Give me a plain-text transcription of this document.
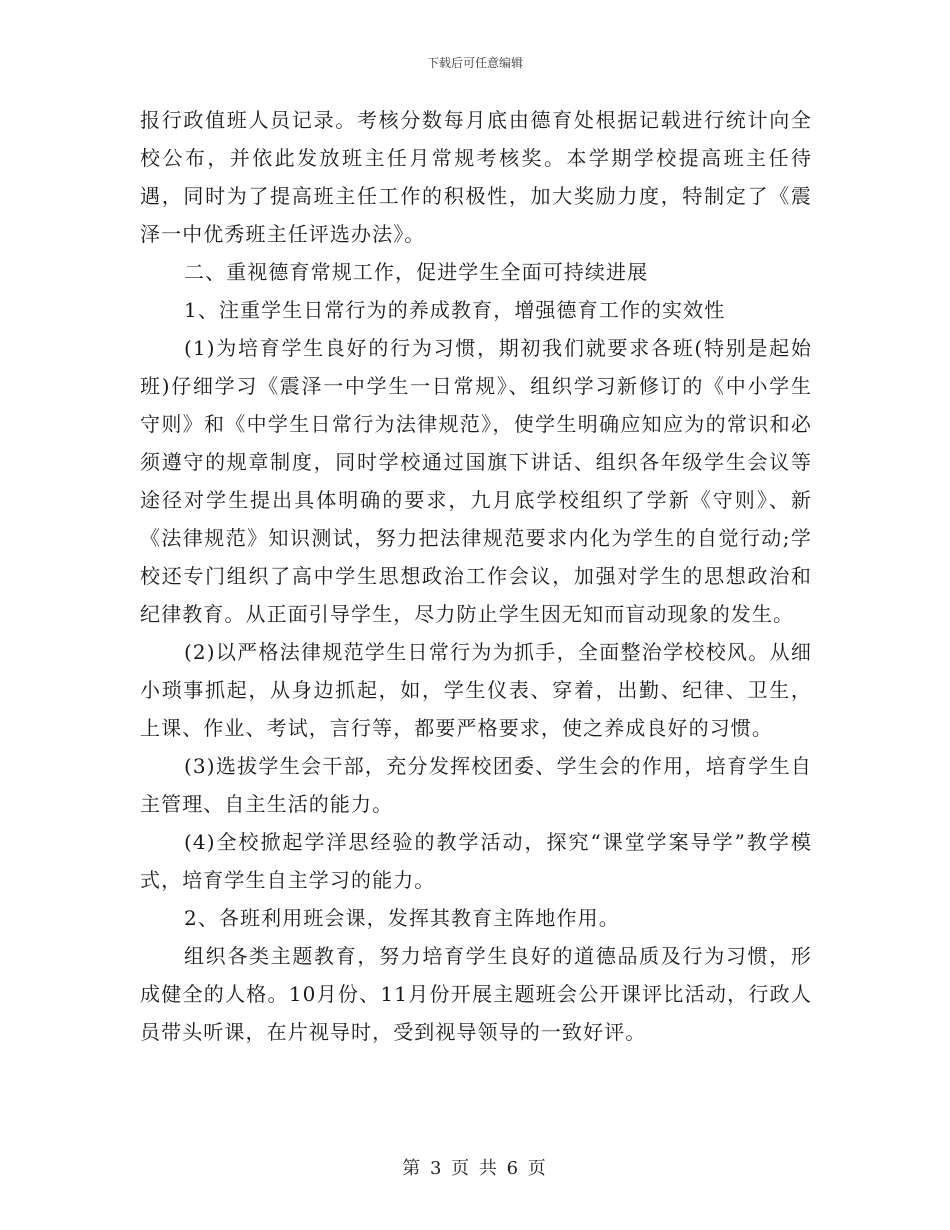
下载后可任意编辑

报行政值班人员记录。考核分数每月底由德育处根据记载进行统计向全校公布，并依此发放班主任月常规考核奖。本学期学校提高班主任待遇，同时为了提高班主任工作的积极性，加大奖励力度，特制定了《震泽一中优秀班主任评选办法》。

二、重视德育常规工作，促进学生全面可持续进展

1、注重学生日常行为的养成教育，增强德育工作的实效性

(1)为培育学生良好的行为习惯，期初我们就要求各班(特别是起始班)仔细学习《震泽一中学生一日常规》、组织学习新修订的《中小学生守则》和《中学生日常行为法律规范》，使学生明确应知应为的常识和必须遵守的规章制度，同时学校通过国旗下讲话、组织各年级学生会议等途径对学生提出具体明确的要求，九月底学校组织了学新《守则》、新《法律规范》知识测试，努力把法律规范要求内化为学生的自觉行动;学校还专门组织了高中学生思想政治工作会议，加强对学生的思想政治和纪律教育。从正面引导学生，尽力防止学生因无知而盲动现象的发生。

(2)以严格法律规范学生日常行为为抓手，全面整治学校校风。从细小琐事抓起，从身边抓起，如，学生仪表、穿着，出勤、纪律、卫生，上课、作业、考试，言行等，都要严格要求，使之养成良好的习惯。

(3)选拔学生会干部，充分发挥校团委、学生会的作用，培育学生自主管理、自主生活的能力。

(4)全校掀起学洋思经验的教学活动，探究“课堂学案导学”教学模式，培育学生自主学习的能力。

2、各班利用班会课，发挥其教育主阵地作用。

组织各类主题教育，努力培育学生良好的道德品质及行为习惯，形成健全的人格。10月份、11月份开展主题班会公开课评比活动，行政人员带头听课，在片视导时，受到视导领导的一致好评。

第 3 页 共 6 页
